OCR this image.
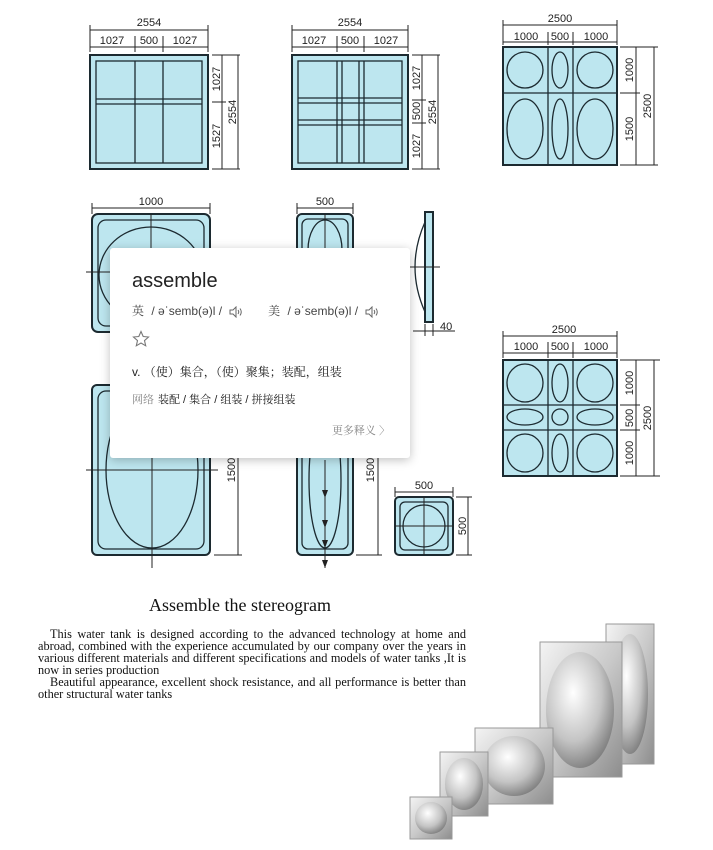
2554
1027 500 1027
1027
1527
2554
2554
1027 500 1027
1027
500
1027
2554
2500
1000 500 1000
1000
1500
2500
1000	500
40	2500
1000 500 1000
1000
500
1000
2500
1500	1500
500
500
assemble
英 / əˈsemb(ə)l /	美 / əˈsemb(ə)l /
v. （使）集合，（使）聚集；装配，组装
网络 装配 / 集合 / 组装 / 拼接组装
更多释义 〉
Assemble the stereogram

This water tank is designed according to the advanced technology at home and abroad, combined with the experience accumulated by our company over the years in various different materials and different specifications and models of water tanks ,It is now in series production

Beautiful appearance, excellent shock resistance, and all performance is better than other structural water tanks
